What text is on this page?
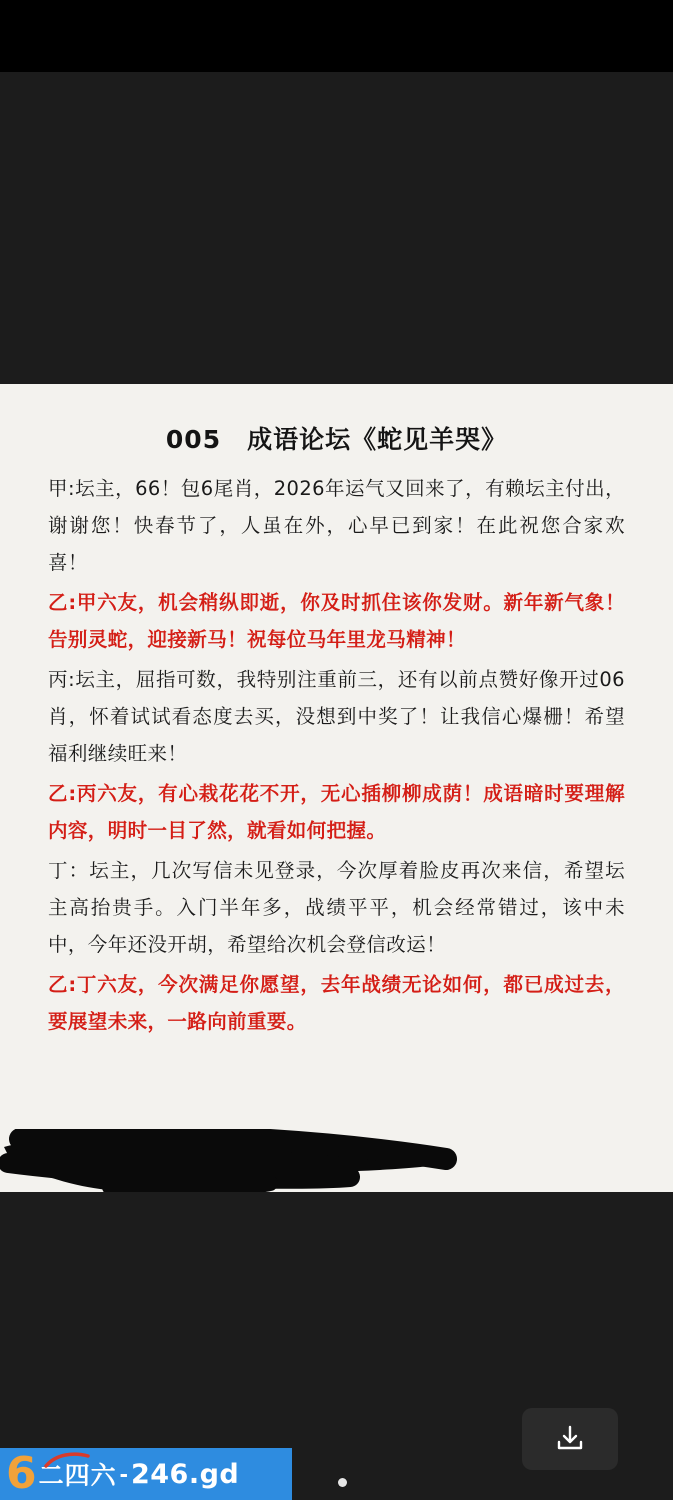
005　成语论坛《蛇见羊哭》

甲:坛主，66！包6尾肖，2026年运气又回来了，有赖坛主付出，谢谢您！快春节了，人虽在外，心早已到家！在此祝您合家欢喜！

乙:甲六友，机会稍纵即逝，你及时抓住该你发财。新年新气象！告别灵蛇，迎接新马！祝每位马年里龙马精神！

丙:坛主，屈指可数，我特别注重前三，还有以前点赞好像开过06肖，怀着试试看态度去买，没想到中奖了！让我信心爆栅！希望福利继续旺来！

乙:丙六友，有心栽花花不开，无心插柳柳成荫！成语暗时要理解内容，明时一目了然，就看如何把握。

丁：坛主，几次写信未见登录，今次厚着脸皮再次来信，希望坛主高抬贵手。入门半年多，战绩平平，机会经常错过，该中未中，今年还没开胡，希望给次机会登信改运！

乙:丁六友，今次满足你愿望，去年战绩无论如何，都已成过去，要展望未来，一路向前重要。

6 二四六 - 246.gd
